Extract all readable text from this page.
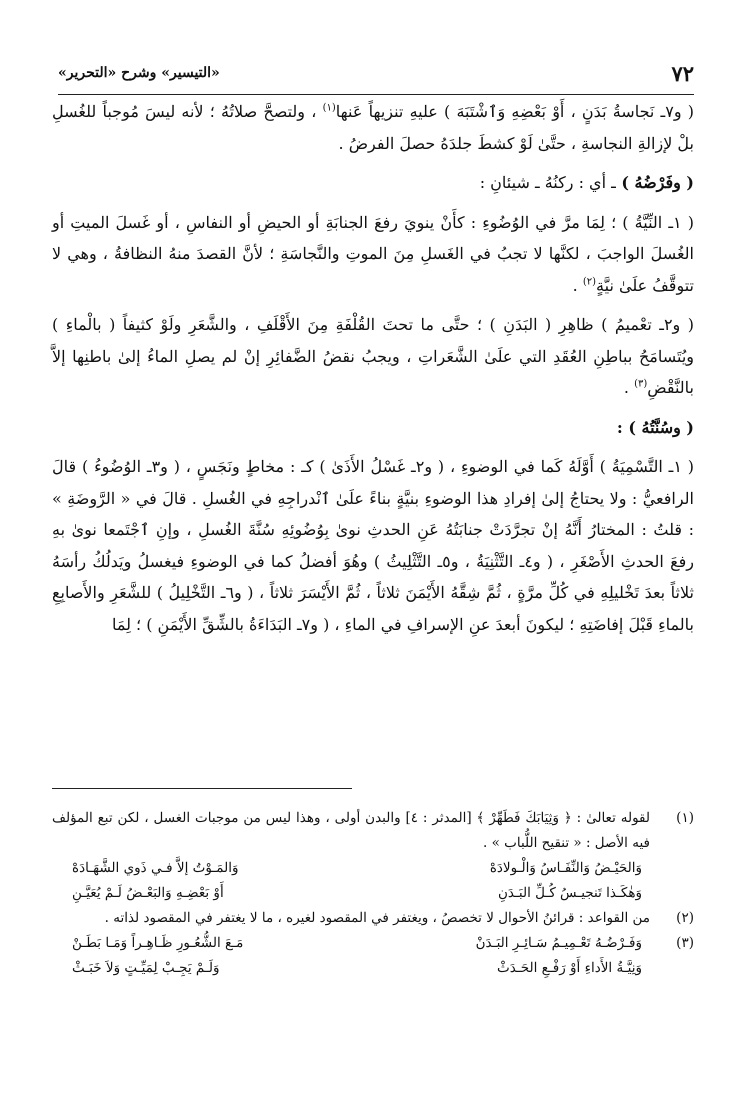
٧٢
«التيسير» وشرح «التحرير»

( و٧ـ نَجاسةُ بَدَنٍ ، أَوْ بَعْضِهِ وَٱشْتَبَهَ ) عليهِ تنزيهاً عَنها$^{(١)}$ ، ولتصحَّ صلاتُهُ ؛ لأنه ليسَ مُوجباً للغُسلِ بلْ لإزالةِ النجاسةِ ، حتَّىٰ لَوْ كشطَ جلدَهُ حصلَ الفرضُ .

( وفَرْضُهُ ) ـ أي : ركنُهُ ـ شيئانِ :

( ١ـ النِّيَّةُ ) ؛ لِمَا مرَّ في الوُضُوءِ : كأَنْ ينويَ رفعَ الجنابَةِ أو الحيضِ أو النفاسِ ، أو غَسلَ الميتِ أو الغُسلَ الواجبَ ، لكنَّها لا تجبُ في الغَسلِ مِنَ الموتِ والنَّجاسَةِ ؛ لأنَّ القصدَ منهُ النظافةُ ، وهي لا تتوقَّفُ علَىٰ نيَّةٍ$^{(٢)}$ .

( و٢ـ تعْميمُ ) ظاهِرِ ( البَدَنِ ) ؛ حتَّى ما تحتَ القُلْفَةِ مِنَ الأَقْلَفِ ، والشَّعَرِ ولَوْ كثيفاً ( بالْماءِ ) ويُتَسامَحُ بباطِنِ العُقَدِ التي علَىٰ الشَّعَراتِ ، ويجبُ نقضُ الضَّفائِرِ إنْ لم يصلِ الماءُ إلىٰ باطنِها إلاَّ بالنَّقْضِ$^{(٣)}$ .

( وسُنَّتُهُ ) :

( ١ـ التَّسْمِيَةُ ) أَوَّلَهُ كَما في الوضوءِ ، ( و٢ـ غَسْلُ الأَذَىٰ ) كـ : مخاطٍ ونَجَسٍ ، ( و٣ـ الوُضُوءُ ) قالَ الرافعيُّ : ولا يحتاجُ إلىٰ إفرادِ هذا الوضوءِ بنيَّةٍ بناءً علَىٰ ٱنْدراجِهِ في الغُسلِ . قالَ في « الرَّوضَةِ » : قلتُ : المختارُ أَنَّهُ إنْ تجرَّدَتْ جنابَتُهُ عَنِ الحدثِ نوىٰ بِوُضُوئِهِ سُنَّةَ الغُسلِ ، وإنِ ٱجْتَمعا نوىٰ بهِ رفعَ الحدثِ الأَصْغَرِ ، ( و٤ـ التَّثْنِيَةُ ، و٥ـ التَّثْلِيثُ ) وهُوَ أفضلُ كما في الوضوءِ فيغسلُ ويَدلُكُ رأسَهُ ثلاثاً بعدَ تَخْليلِهِ في كُلِّ مرَّةٍ ، ثُمَّ شِقَّهُ الأَيْمَنَ ثلاثاً ، ثُمَّ الأَيْسَرَ ثلاثاً ، ( و٦ـ التَّخْلِيلُ ) للشَّعَرِ والأَصابِعِ بالماءِ قَبْلَ إفاضَتِهِ ؛ ليكونَ أبعدَ عنِ الإسرافِ في الماءِ ، ( و٧ـ البَدَاءَةُ بالشِّقِّ الأَيْمَنِ ) ؛ لِمَا

(١)
لقوله تعالىٰ : ﴿ وَثِيَابَكَ فَطَهِّرْ ﴾ [المدثر : ٤] والبدن أولى ، وهذا ليس من موجبات الغسل ، لكن تبع المؤلف فيه الأصل : « تنقيح اللُّباب » .
وَالحَيْـضُ وَالنِّفَـاسُ وَالْـولادَهْ
وَالمَـوْتُ إلاَّ فـي ذَوي الشَّهَـادَهْ
وَهٰكَـذا تَنجيـسُ كُـلِّ البَـدَنِ
أَوْ بَعْضِـهِ وَالبَعْـضُ لَـمْ يُعَيَّـنِ
(٢)
من القواعد : قرائنُ الأحوال لا تخصصُ ، ويغتفر في المقصود لغيره ، ما لا يغتفر في المقصود لذاته .
(٣)
وَفَـرْضُـهُ تَعْـمِيـمُ سَـائِـرِ البَـدَنْ
مَـعَ الشُّعُـورِ ظَـاهِـراً وَمَـا بَطَـنْ
وَنِيَّـةُ الأَداءِ أَوْ رَفْـعِ الحَـدَثْ
وَلَـمْ يَجِـبْ لِمَيِّـتٍ وَلاَ خَبَـثْ
